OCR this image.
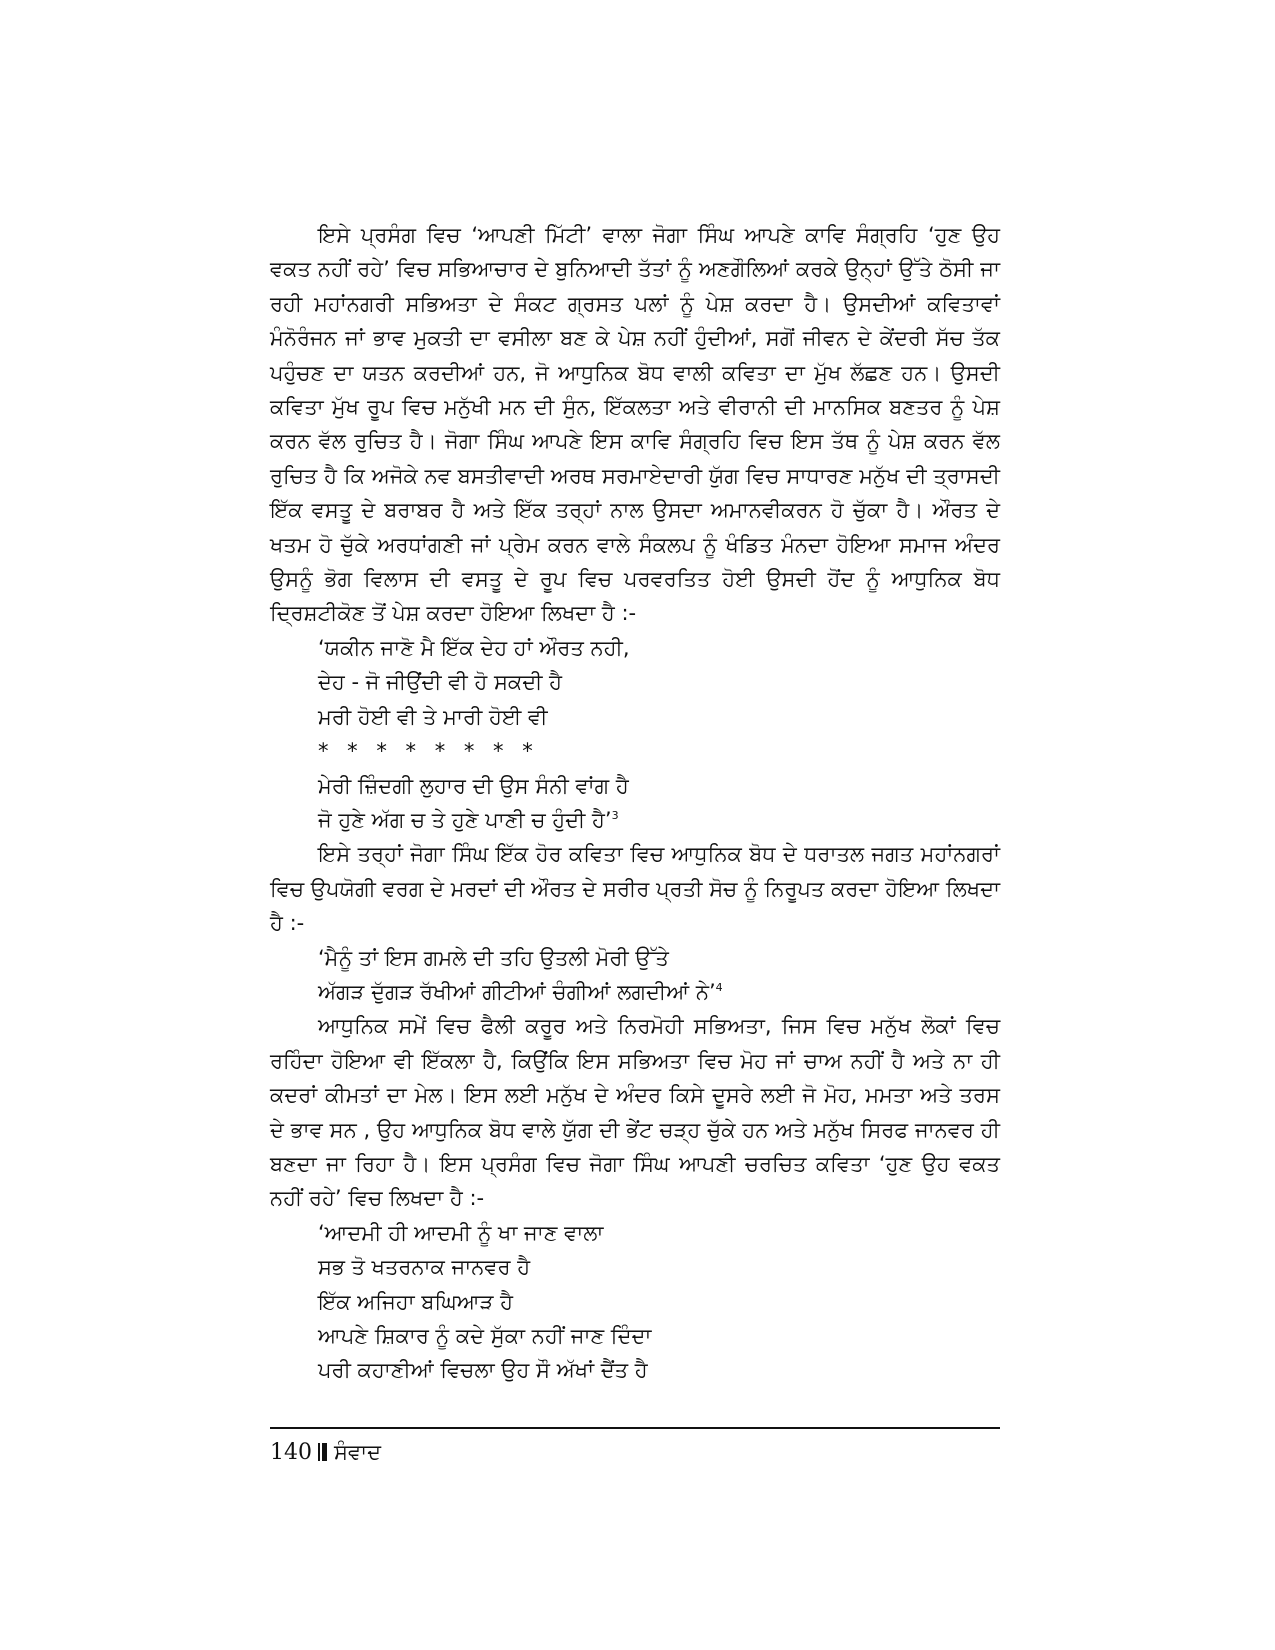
ਇਸੇ ਪ੍ਰਸੰਗ ਵਿਚ ‘ਆਪਣੀ ਮਿੱਟੀ’ ਵਾਲਾ ਜੋਗਾ ਸਿੰਘ ਆਪਣੇ ਕਾਵਿ ਸੰਗ੍ਰਹਿ ‘ਹੁਣ ਉਹ ਵਕਤ ਨਹੀਂ ਰਹੇ’ ਵਿਚ ਸਭਿਆਚਾਰ ਦੇ ਬੁਨਿਆਦੀ ਤੱਤਾਂ ਨੂੰ ਅਣਗੌਲਿਆਂ ਕਰਕੇ ਉਨ੍ਹਾਂ ਉੱਤੇ ਠੋਸੀ ਜਾ ਰਹੀ ਮਹਾਂਨਗਰੀ ਸਭਿਅਤਾ ਦੇ ਸੰਕਟ ਗ੍ਰਸਤ ਪਲਾਂ ਨੂੰ ਪੇਸ਼ ਕਰਦਾ ਹੈ। ਉਸਦੀਆਂ ਕਵਿਤਾਵਾਂ ਮੰਨੋਰੰਜਨ ਜਾਂ ਭਾਵ ਮੁਕਤੀ ਦਾ ਵਸੀਲਾ ਬਣ ਕੇ ਪੇਸ਼ ਨਹੀਂ ਹੁੰਦੀਆਂ, ਸਗੋਂ ਜੀਵਨ ਦੇ ਕੇਂਦਰੀ ਸੱਚ ਤੱਕ ਪਹੁੰਚਣ ਦਾ ਯਤਨ ਕਰਦੀਆਂ ਹਨ, ਜੋ ਆਧੁਨਿਕ ਬੋਧ ਵਾਲੀ ਕਵਿਤਾ ਦਾ ਮੁੱਖ ਲੱਛਣ ਹਨ। ਉਸਦੀ ਕਵਿਤਾ ਮੁੱਖ ਰੂਪ ਵਿਚ ਮਨੁੱਖੀ ਮਨ ਦੀ ਸੁੰਨ, ਇੱਕਲਤਾ ਅਤੇ ਵੀਰਾਨੀ ਦੀ ਮਾਨਸਿਕ ਬਣਤਰ ਨੂੰ ਪੇਸ਼ ਕਰਨ ਵੱਲ ਰੁਚਿਤ ਹੈ। ਜੋਗਾ ਸਿੰਘ ਆਪਣੇ ਇਸ ਕਾਵਿ ਸੰਗ੍ਰਹਿ ਵਿਚ ਇਸ ਤੱਥ ਨੂੰ ਪੇਸ਼ ਕਰਨ ਵੱਲ ਰੁਚਿਤ ਹੈ ਕਿ ਅਜੋਕੇ ਨਵ ਬਸਤੀਵਾਦੀ ਅਰਥ ਸਰਮਾਏਦਾਰੀ ਯੁੱਗ ਵਿਚ ਸਾਧਾਰਣ ਮਨੁੱਖ ਦੀ ਤ੍ਰਾਸਦੀ ਇੱਕ ਵਸਤੂ ਦੇ ਬਰਾਬਰ ਹੈ ਅਤੇ ਇੱਕ ਤਰ੍ਹਾਂ ਨਾਲ ਉਸਦਾ ਅਮਾਨਵੀਕਰਨ ਹੋ ਚੁੱਕਾ ਹੈ। ਔਰਤ ਦੇ ਖਤਮ ਹੋ ਚੁੱਕੇ ਅਰਧਾਂਗਣੀ ਜਾਂ ਪ੍ਰੇਮ ਕਰਨ ਵਾਲੇ ਸੰਕਲਪ ਨੂੰ ਖੰਡਿਤ ਮੰਨਦਾ ਹੋਇਆ ਸਮਾਜ ਅੰਦਰ ਉਸਨੂੰ ਭੋਗ ਵਿਲਾਸ ਦੀ ਵਸਤੂ ਦੇ ਰੂਪ ਵਿਚ ਪਰਵਰਤਿਤ ਹੋਈ ਉਸਦੀ ਹੋਂਦ ਨੂੰ ਆਧੁਨਿਕ ਬੋਧ ਦ੍ਰਿਸ਼ਟੀਕੋਣ ਤੋਂ ਪੇਸ਼ ਕਰਦਾ ਹੋਇਆ ਲਿਖਦਾ ਹੈ :-

‘ਯਕੀਨ ਜਾਣੋ ਮੈ ਇੱਕ ਦੇਹ ਹਾਂ ਔਰਤ ਨਹੀ,

ਦੇਹ - ਜੋ ਜੀਉਂਦੀ ਵੀ ਹੋ ਸਕਦੀ ਹੈ

ਮਰੀ ਹੋਈ ਵੀ ਤੇ ਮਾਰੀ ਹੋਈ ਵੀ

* * * * * * * *

ਮੇਰੀ ਜ਼ਿੰਦਗੀ ਲੁਹਾਰ ਦੀ ਉਸ ਸੰਨੀ ਵਾਂਗ ਹੈ

ਜੋ ਹੁਣੇ ਅੱਗ ਚ ਤੇ ਹੁਣੇ ਪਾਣੀ ਚ ਹੁੰਦੀ ਹੈ’$^3$

ਇਸੇ ਤਰ੍ਹਾਂ ਜੋਗਾ ਸਿੰਘ ਇੱਕ ਹੋਰ ਕਵਿਤਾ ਵਿਚ ਆਧੁਨਿਕ ਬੋਧ ਦੇ ਧਰਾਤਲ ਜਗਤ ਮਹਾਂਨਗਰਾਂ ਵਿਚ ਉਪਯੋਗੀ ਵਰਗ ਦੇ ਮਰਦਾਂ ਦੀ ਔਰਤ ਦੇ ਸਰੀਰ ਪ੍ਰਤੀ ਸੋਚ ਨੂੰ ਨਿਰੂਪਤ ਕਰਦਾ ਹੋਇਆ ਲਿਖਦਾ ਹੈ :-

‘ਮੈਨੂੰ ਤਾਂ ਇਸ ਗਮਲੇ ਦੀ ਤਹਿ ਉਤਲੀ ਮੋਰੀ ਉੱਤੇ

ਅੱਗੜ ਦੁੱਗੜ ਰੱਖੀਆਂ ਗੀਟੀਆਂ ਚੰਗੀਆਂ ਲਗਦੀਆਂ ਨੇ’$^4$

ਆਧੁਨਿਕ ਸਮੇਂ ਵਿਚ ਫੈਲੀ ਕਰੂਰ ਅਤੇ ਨਿਰਮੋਹੀ ਸਭਿਅਤਾ, ਜਿਸ ਵਿਚ ਮਨੁੱਖ ਲੋਕਾਂ ਵਿਚ ਰਹਿੰਦਾ ਹੋਇਆ ਵੀ ਇੱਕਲਾ ਹੈ, ਕਿਉਂਕਿ ਇਸ ਸਭਿਅਤਾ ਵਿਚ ਮੋਹ ਜਾਂ ਚਾਅ ਨਹੀਂ ਹੈ ਅਤੇ ਨਾ ਹੀ ਕਦਰਾਂ ਕੀਮਤਾਂ ਦਾ ਮੇਲ। ਇਸ ਲਈ ਮਨੁੱਖ ਦੇ ਅੰਦਰ ਕਿਸੇ ਦੂਸਰੇ ਲਈ ਜੋ ਮੋਹ, ਮਮਤਾ ਅਤੇ ਤਰਸ ਦੇ ਭਾਵ ਸਨ , ਉਹ ਆਧੁਨਿਕ ਬੋਧ ਵਾਲੇ ਯੁੱਗ ਦੀ ਭੇਂਟ ਚੜ੍ਹ ਚੁੱਕੇ ਹਨ ਅਤੇ ਮਨੁੱਖ ਸਿਰਫ ਜਾਨਵਰ ਹੀ ਬਣਦਾ ਜਾ ਰਿਹਾ ਹੈ। ਇਸ ਪ੍ਰਸੰਗ ਵਿਚ ਜੋਗਾ ਸਿੰਘ ਆਪਣੀ ਚਰਚਿਤ ਕਵਿਤਾ ‘ਹੁਣ ਉਹ ਵਕਤ ਨਹੀਂ ਰਹੇ’ ਵਿਚ ਲਿਖਦਾ ਹੈ :-

‘ਆਦਮੀ ਹੀ ਆਦਮੀ ਨੂੰ ਖਾ ਜਾਣ ਵਾਲਾ

ਸਭ ਤੋ ਖਤਰਨਾਕ ਜਾਨਵਰ ਹੈ

ਇੱਕ ਅਜਿਹਾ ਬਘਿਆੜ ਹੈ

ਆਪਣੇ ਸ਼ਿਕਾਰ ਨੂੰ ਕਦੇ ਸੁੱਕਾ ਨਹੀਂ ਜਾਣ ਦਿੰਦਾ

ਪਰੀ ਕਹਾਣੀਆਂ ਵਿਚਲਾ ਉਹ ਸੌ ਅੱਖਾਂ ਦੈਂਤ ਹੈ

140 ਸੰਵਾਦ
